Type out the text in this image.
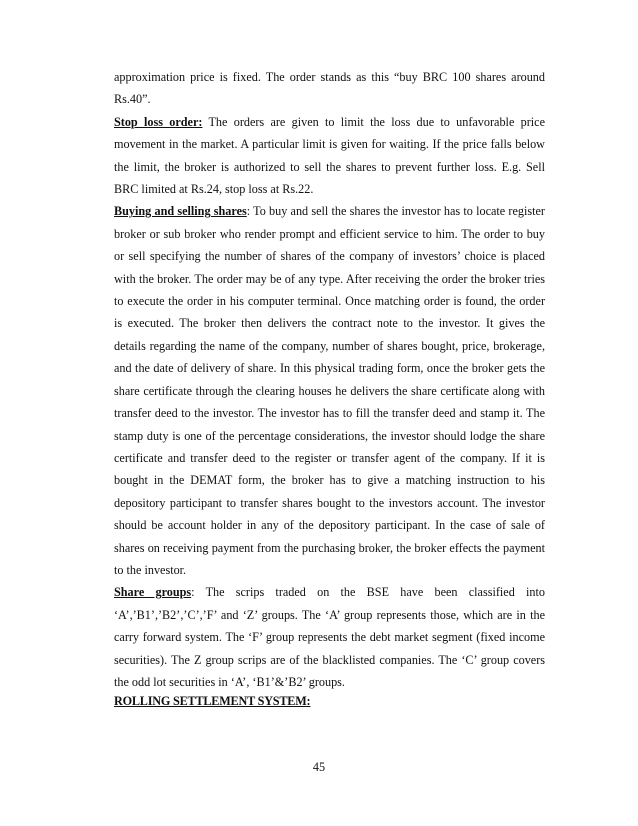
approximation price is fixed. The order stands as this “buy BRC 100 shares around Rs.40”.

Stop loss order: The orders are given to limit the loss due to unfavorable price movement in the market. A particular limit is given for waiting. If the price falls below the limit, the broker is authorized to sell the shares to prevent further loss. E.g. Sell BRC limited at Rs.24, stop loss at Rs.22.

Buying and selling shares: To buy and sell the shares the investor has to locate register broker or sub broker who render prompt and efficient service to him. The order to buy or sell specifying the number of shares of the company of investors’ choice is placed with the broker. The order may be of any type. After receiving the order the broker tries to execute the order in his computer terminal. Once matching order is found, the order is executed. The broker then delivers the contract note to the investor. It gives the details regarding the name of the company, number of shares bought, price, brokerage, and the date of delivery of share. In this physical trading form, once the broker gets the share certificate through the clearing houses he delivers the share certificate along with transfer deed to the investor. The investor has to fill the transfer deed and stamp it. The stamp duty is one of the percentage considerations, the investor should lodge the share certificate and transfer deed to the register or transfer agent of the company. If it is bought in the DEMAT form, the broker has to give a matching instruction to his depository participant to transfer shares bought to the investors account. The investor should be account holder in any of the depository participant. In the case of sale of shares on receiving payment from the purchasing broker, the broker effects the payment to the investor.

Share groups: The scrips traded on the BSE have been classified into ‘A’,’B1’,’B2’,’C’,’F’ and ‘Z’ groups. The ‘A’ group represents those, which are in the carry forward system. The ‘F’ group represents the debt market segment (fixed income securities). The Z group scrips are of the blacklisted companies. The ‘C’ group covers the odd lot securities in ‘A’, ‘B1’&’B2’ groups.

ROLLING SETTLEMENT SYSTEM:
45
